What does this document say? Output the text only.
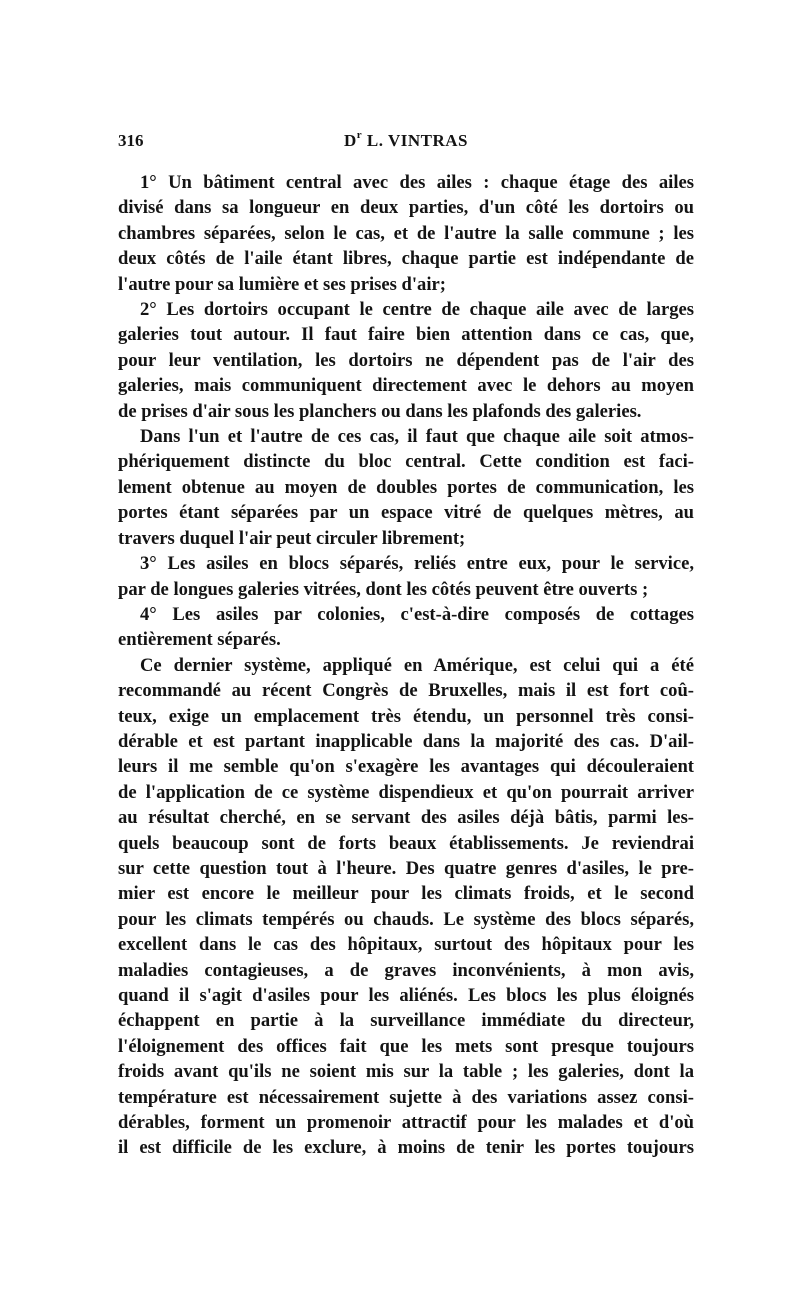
316	$D^r$ L. VINTRAS

1° Un bâtiment central avec des ailes : chaque étage des ailes
divisé dans sa longueur en deux parties, d'un côté les dortoirs ou
chambres séparées, selon le cas, et de l'autre la salle commune ; les
deux côtés de l'aile étant libres, chaque partie est indépendante de
l'autre pour sa lumière et ses prises d'air;

2° Les dortoirs occupant le centre de chaque aile avec de larges
galeries tout autour. Il faut faire bien attention dans ce cas, que,
pour leur ventilation, les dortoirs ne dépendent pas de l'air des
galeries, mais communiquent directement avec le dehors au moyen
de prises d'air sous les planchers ou dans les plafonds des galeries.

Dans l'un et l'autre de ces cas, il faut que chaque aile soit atmos-
phériquement distincte du bloc central. Cette condition est faci-
lement obtenue au moyen de doubles portes de communication, les
portes étant séparées par un espace vitré de quelques mètres, au
travers duquel l'air peut circuler librement;

3° Les asiles en blocs séparés, reliés entre eux, pour le service,
par de longues galeries vitrées, dont les côtés peuvent être ouverts ;

4° Les asiles par colonies, c'est-à-dire composés de cottages
entièrement séparés.

Ce dernier système, appliqué en Amérique, est celui qui a été
recommandé au récent Congrès de Bruxelles, mais il est fort coû-
teux, exige un emplacement très étendu, un personnel très consi-
dérable et est partant inapplicable dans la majorité des cas. D'ail-
leurs il me semble qu'on s'exagère les avantages qui découleraient
de l'application de ce système dispendieux et qu'on pourrait arriver
au résultat cherché, en se servant des asiles déjà bâtis, parmi les-
quels beaucoup sont de forts beaux établissements. Je reviendrai
sur cette question tout à l'heure. Des quatre genres d'asiles, le pre-
mier est encore le meilleur pour les climats froids, et le second
pour les climats tempérés ou chauds. Le système des blocs séparés,
excellent dans le cas des hôpitaux, surtout des hôpitaux pour les
maladies contagieuses, a de graves inconvénients, à mon avis,
quand il s'agit d'asiles pour les aliénés. Les blocs les plus éloignés
échappent en partie à la surveillance immédiate du directeur,
l'éloignement des offices fait que les mets sont presque toujours
froids avant qu'ils ne soient mis sur la table ; les galeries, dont la
température est nécessairement sujette à des variations assez consi-
dérables, forment un promenoir attractif pour les malades et d'où
il est difficile de les exclure, à moins de tenir les portes toujours
